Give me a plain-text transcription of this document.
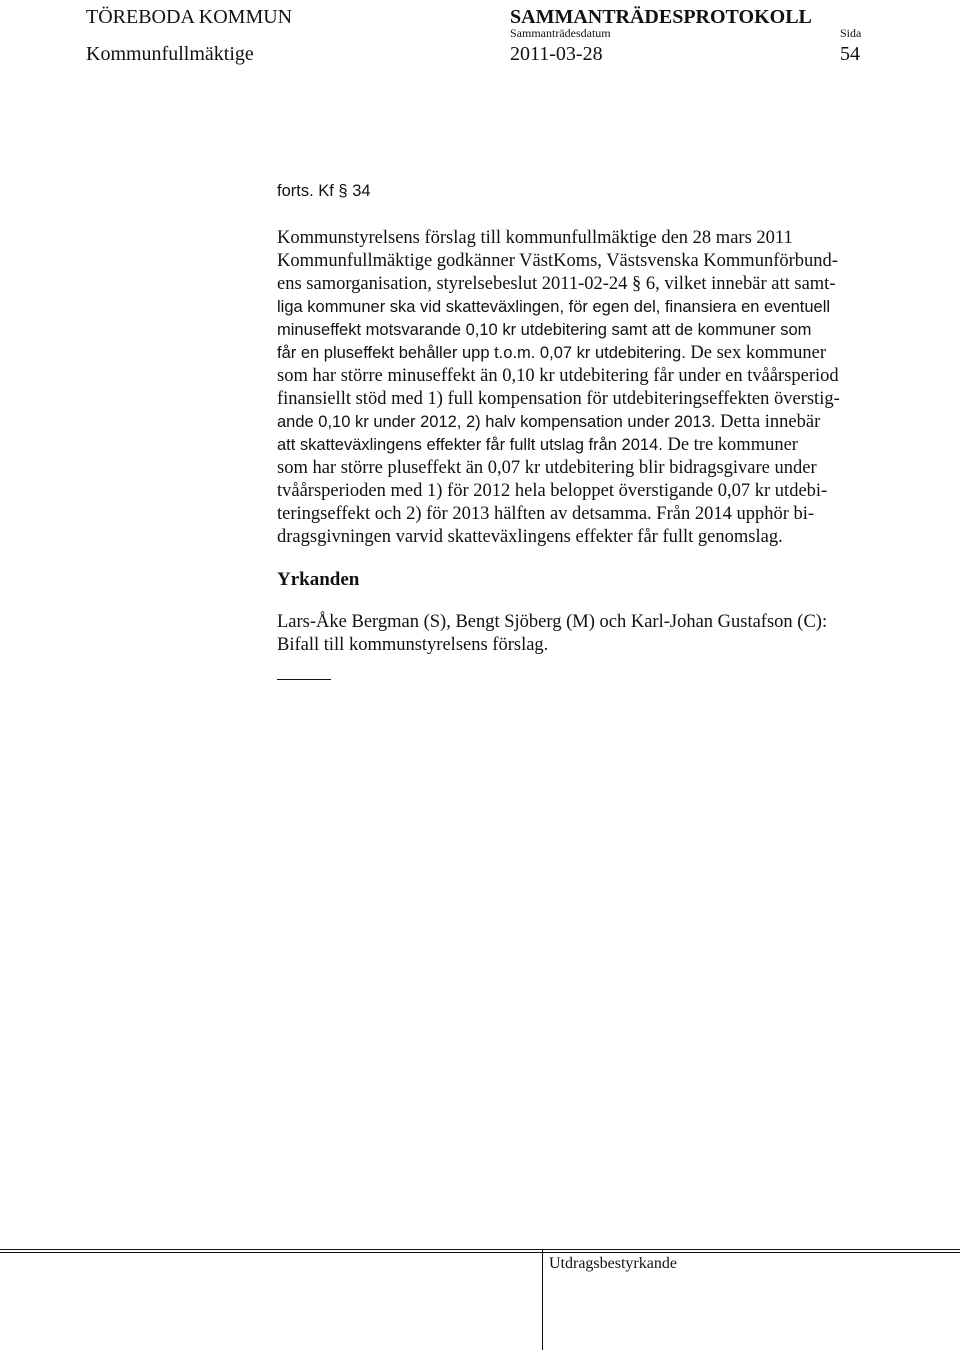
TÖREBODA KOMMUN	SAMMANTRÄDESPROTOKOLL
Sammanträdesdatum	Sida
Kommunfullmäktige	2011-03-28	54
forts. Kf § 34
Kommunstyrelsens förslag till kommunfullmäktige den 28 mars 2011
Kommunfullmäktige godkänner VästKoms, Västsvenska Kommunförbund-
ens samorganisation, styrelsebeslut 2011-02-24 § 6, vilket innebär att samt-
liga kommuner ska vid skatteväxlingen, för egen del, finansiera en eventuell
minuseffekt motsvarande 0,10 kr utdebitering samt att de kommuner som
får en pluseffekt behåller upp t.o.m. 0,07 kr utdebitering. De sex kommuner
som har större minuseffekt än 0,10 kr utdebitering får under en tvåårsperiod
finansiellt stöd med 1) full kompensation för utdebiteringseffekten överstig-
ande 0,10 kr under 2012, 2) halv kompensation under 2013. Detta innebär
att skatteväxlingens effekter får fullt utslag från 2014. De tre kommuner
som har större pluseffekt än 0,07 kr utdebitering blir bidragsgivare under
tvåårsperioden med 1) för 2012 hela beloppet överstigande 0,07 kr utdebi-
teringseffekt och 2) för 2013 hälften av detsamma. Från 2014 upphör bi-
dragsgivningen varvid skatteväxlingens effekter får fullt genomslag.
Yrkanden
Lars-Åke Bergman (S), Bengt Sjöberg (M) och Karl-Johan Gustafson (C):
Bifall till kommunstyrelsens förslag.
Utdragsbestyrkande
